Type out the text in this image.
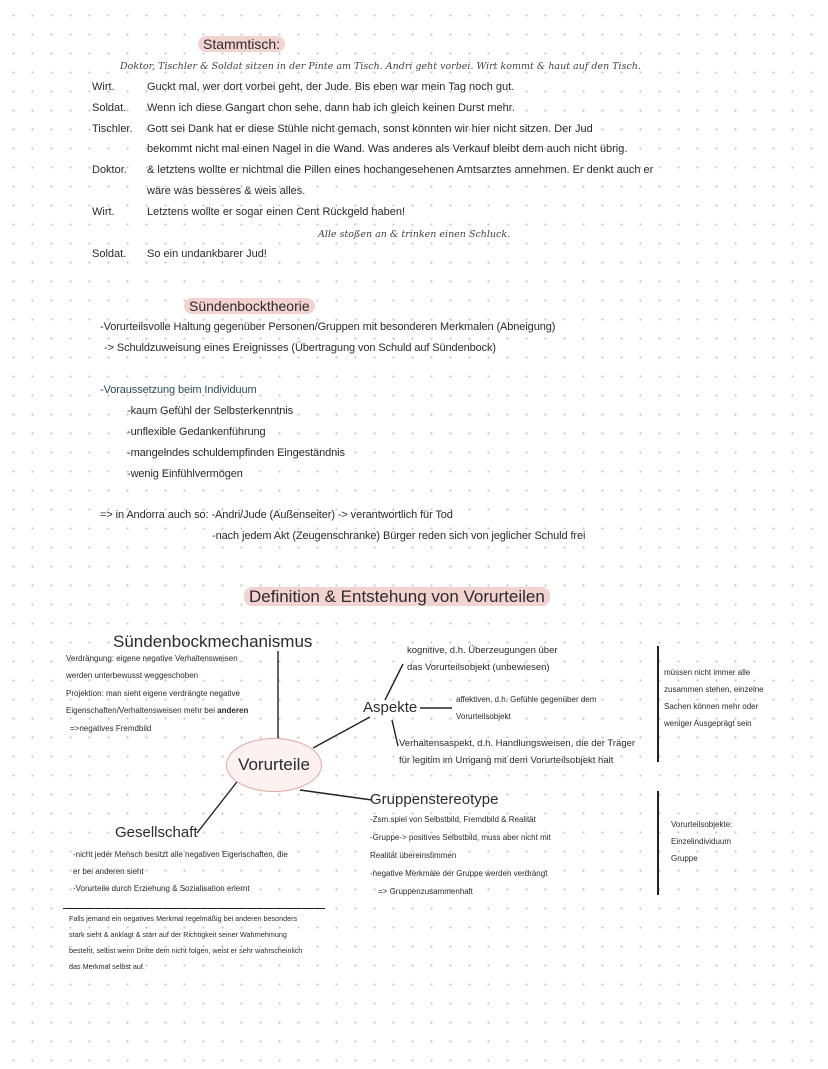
Stammtisch:
Doktor, Tischler & Soldat sitzen in der Pinte am Tisch. Andri geht vorbei. Wirt kommt & haut auf den Tisch.
Wirt.	Guckt mal, wer dort vorbei geht, der Jude. Bis eben war mein Tag noch gut.
Soldat.	Wenn ich diese Gangart chon sehe, dann hab ich gleich keinen Durst mehr.
Tischler.	Gott sei Dank hat er diese Stühle nicht gemach, sonst könnten wir hier nicht sitzen. Der Jud
bekommt nicht mal einen Nagel in die Wand. Was anderes als Verkauf bleibt dem auch nicht übrig.
Doktor.	& letztens wollte er nichtmal die Pillen eines hochangesehenen Amtsarztes annehmen. Er denkt auch er
wäre was besseres & weis alles.
Wirt.	Letztens wollte er sogar einen Cent Rückgeld haben!
Alle stoßen an & trinken einen Schluck.
Soldat.	So ein undankbarer Jud!
Sündenbocktheorie
-Vorurteilsvolle Haltung gegenüber Personen/Gruppen mit besonderen Merkmalen (Abneigung)
-> Schuldzuweisung eines Ereignisses (Übertragung von Schuld auf Sündenbock)
-Voraussetzung beim Individuum
-kaum Gefühl der Selbsterkenntnis
-unflexible Gedankenführung
-mangelndes schuldempfinden Eingeständnis
-wenig Einfühlvermögen
=> in Andorra auch so: -Andri/Jude (Außenseiter) -> verantwortlich für Tod
-nach jedem Akt (Zeugenschranke) Bürger reden sich von jeglicher Schuld frei
Definition & Entstehung von Vorurteilen
Vorurteile
Sündenbockmechanismus
Verdrängung: eigene negative Verhaltensweisen
werden unterbewusst weggeschoben
Projektion: man sieht eigene verdrängte negative
Eigenschaften/Verhaltensweisen mehr bei anderen
=>negatives Fremdbild
kognitive, d.h. Überzeugungen über
das Vorurteilsobjekt (unbewiesen)
Aspekte	affektiven, d.h. Gefühle gegenüber dem
Vorurteilsobjekt
Verhaltensaspekt, d.h. Handlungsweisen, die der Träger
für legitim im Umgang mit dem Vorurteilsobjekt halt
müssen nicht immer alle
zusammen stehen, einzelne
Sachen können mehr oder
weniger Ausgeprägt sein
Gruppenstereotype
-Zsm.spiel von Selbstbild, Fremdbild & Realität
-Gruppe-> positives Selbstbild, muss aber nicht mit
Realität übereinstimmen
-negative Merkmale der Gruppe werden verdrängt
=> Gruppenzusammenhalt
Vorurteilsobjekte:
Einzelindividuum
Gruppe
Gesellschaft
-nicht jeder Mensch besitzt alle negativen Eigenschaften, die
er bei anderen sieht
-Vorurteile durch Erziehung & Sozialisation erlernt
Falls jemand ein negatives Merkmal regelmäßig bei anderen besonders
stark sieht & anklagt & stärr auf der Richtigkeit seiner Wahrnehmung
besteht, selbst wenn Dritte dem nicht folgen, weist er sehr wahrscheinlich
das Merkmal selbst auf.
